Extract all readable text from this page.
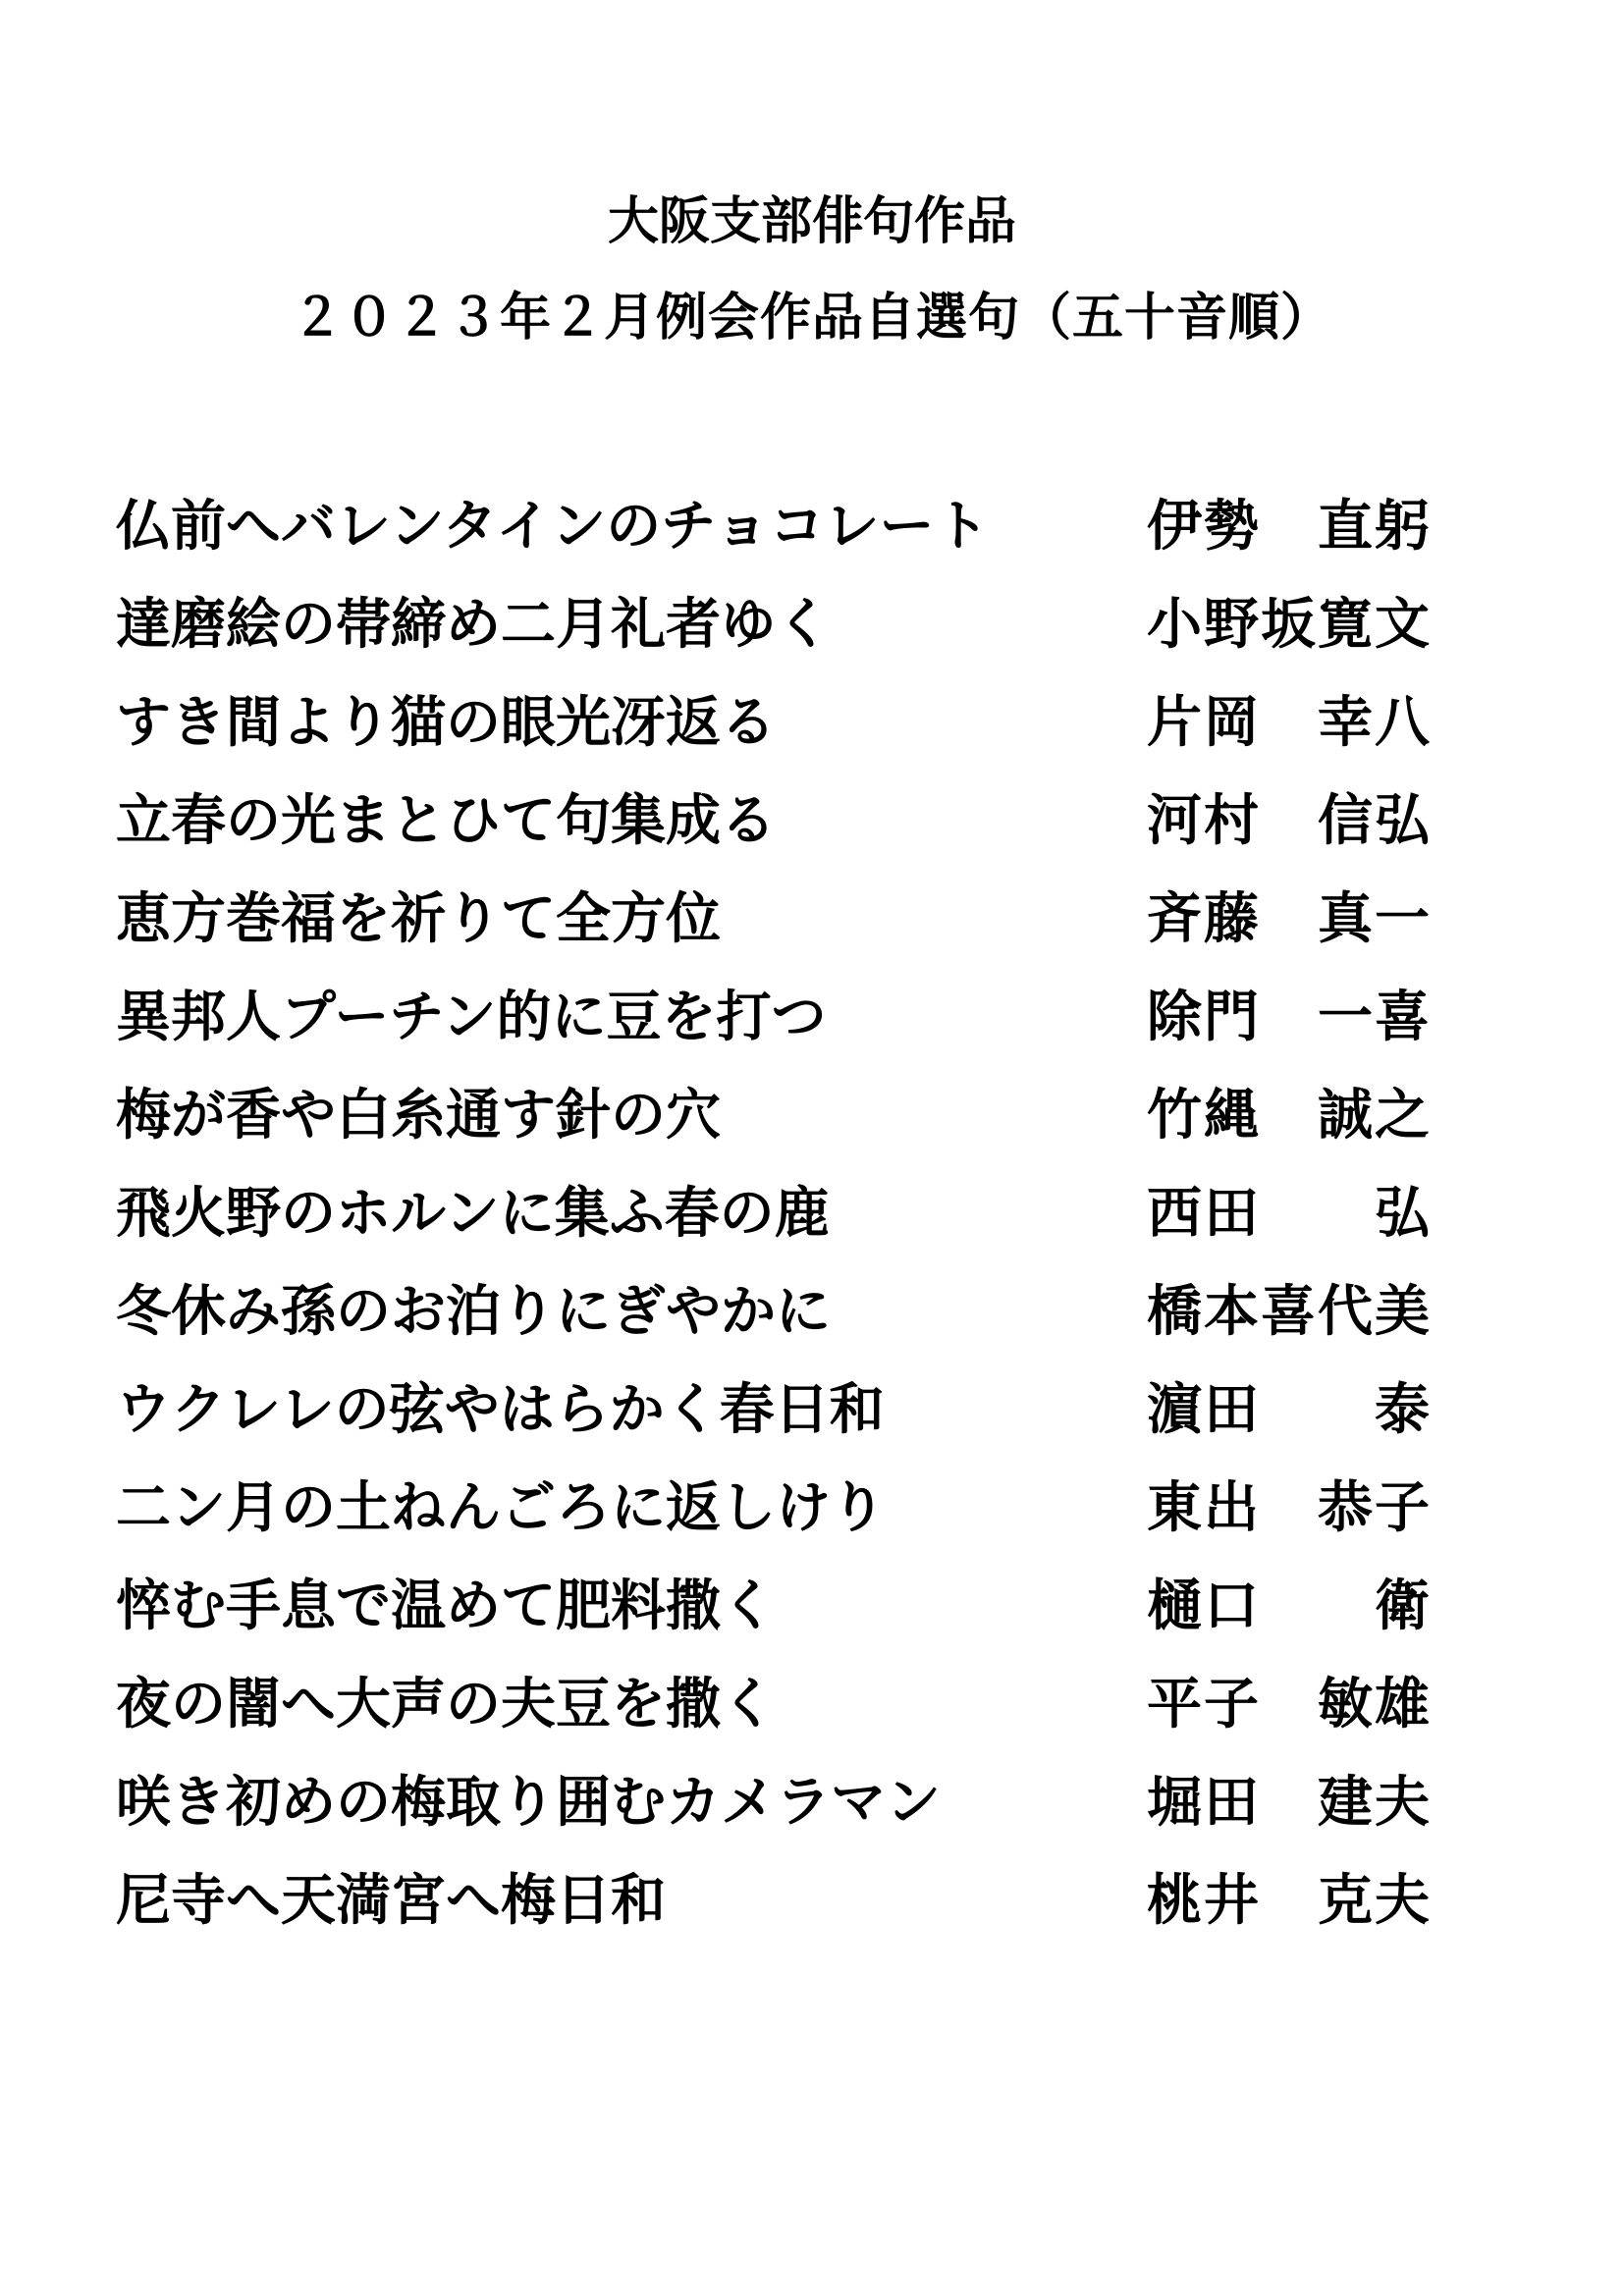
大阪支部俳句作品
２０２３年２月例会作品自選句（五十音順）
仏前へバレンタインのチョコレート	伊勢　直躬
達磨絵の帯締め二月礼者ゆく	小野坂寛文
すき間より猫の眼光冴返る	片岡　幸八
立春の光まとひて句集成る	河村　信弘
恵方巻福を祈りて全方位	斉藤　真一
異邦人プーチン的に豆を打つ	除門　一喜
梅が香や白糸通す針の穴	竹縄　誠之
飛火野のホルンに集ふ春の鹿	西田　　弘
冬休み孫のお泊りにぎやかに	橋本喜代美
ウクレレの弦やはらかく春日和	濵田　　泰
二ン月の土ねんごろに返しけり	東出　恭子
悴む手息で温めて肥料撒く	樋口　　衛
夜の闇へ大声の夫豆を撒く	平子　敏雄
咲き初めの梅取り囲むカメラマン	堀田　建夫
尼寺へ天満宮へ梅日和	桃井　克夫
